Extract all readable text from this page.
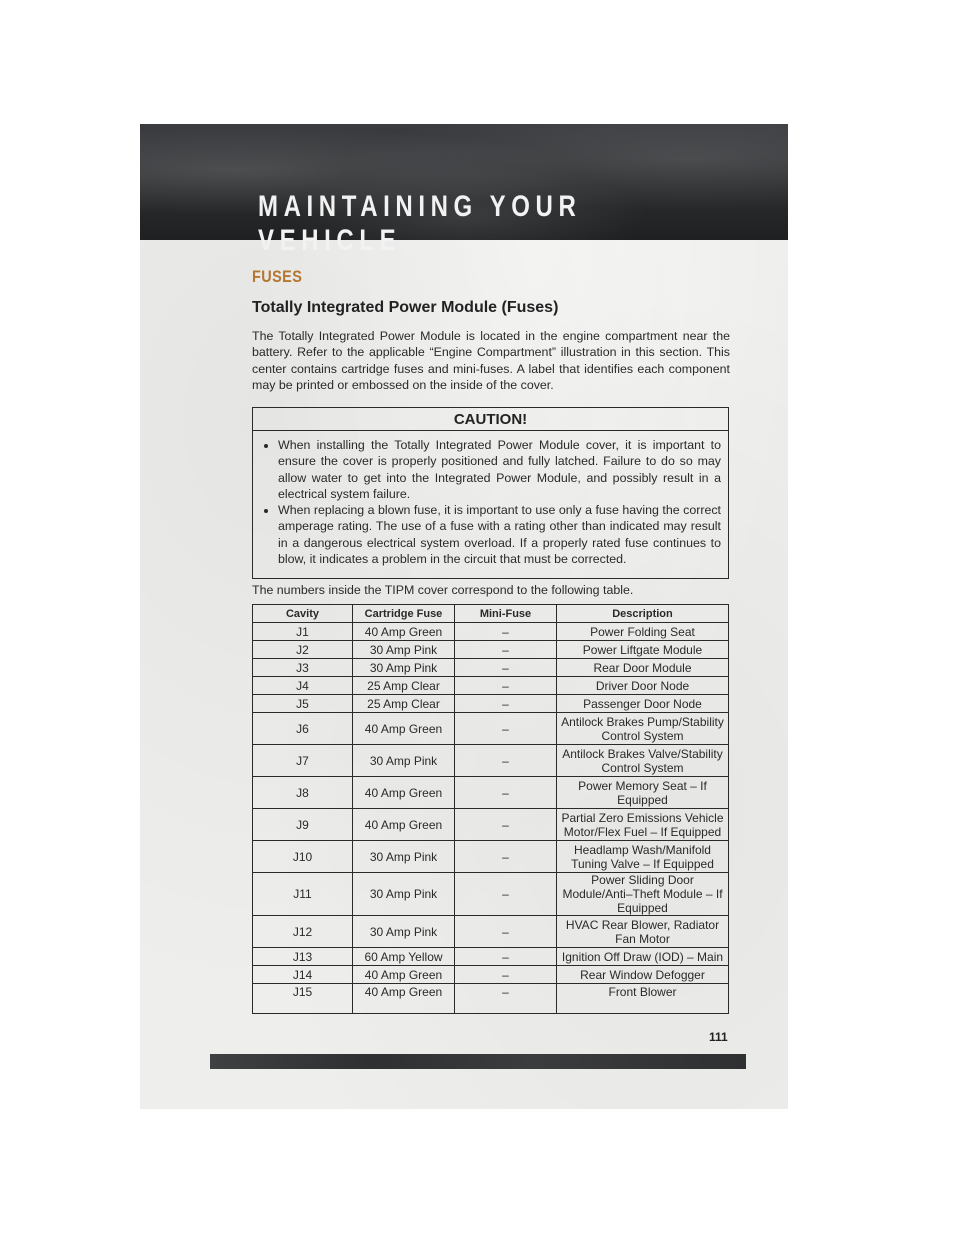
MAINTAINING YOUR VEHICLE
FUSES
Totally Integrated Power Module (Fuses)
The Totally Integrated Power Module is located in the engine compartment near the battery. Refer to the applicable “Engine Compartment” illustration in this section. This center contains cartridge fuses and mini-fuses. A label that identifies each component may be printed or embossed on the inside of the cover.
CAUTION!
• When installing the Totally Integrated Power Module cover, it is important to ensure the cover is properly positioned and fully latched. Failure to do so may allow water to get into the Integrated Power Module, and possibly result in a electrical system failure.
• When replacing a blown fuse, it is important to use only a fuse having the correct amperage rating. The use of a fuse with a rating other than indicated may result in a dangerous electrical system overload. If a properly rated fuse continues to blow, it indicates a problem in the circuit that must be corrected.
The numbers inside the TIPM cover correspond to the following table.
Cavity	Cartridge Fuse	Mini-Fuse	Description
J1	40 Amp Green	–	Power Folding Seat
J2	30 Amp Pink	–	Power Liftgate Module
J3	30 Amp Pink	–	Rear Door Module
J4	25 Amp Clear	–	Driver Door Node
J5	25 Amp Clear	–	Passenger Door Node
J6	40 Amp Green	–	Antilock Brakes Pump/Stability Control System
J7	30 Amp Pink	–	Antilock Brakes Valve/Stability Control System
J8	40 Amp Green	–	Power Memory Seat – If Equipped
J9	40 Amp Green	–	Partial Zero Emissions Vehicle Motor/Flex Fuel – If Equipped
J10	30 Amp Pink	–	Headlamp Wash/Manifold Tuning Valve – If Equipped
J11	30 Amp Pink	–	Power Sliding Door Module/Anti–Theft Module – If Equipped
J12	30 Amp Pink	–	HVAC Rear Blower, Radiator Fan Motor
J13	60 Amp Yellow	–	Ignition Off Draw (IOD) – Main
J14	40 Amp Green	–	Rear Window Defogger
J15	40 Amp Green	–	Front Blower
111
